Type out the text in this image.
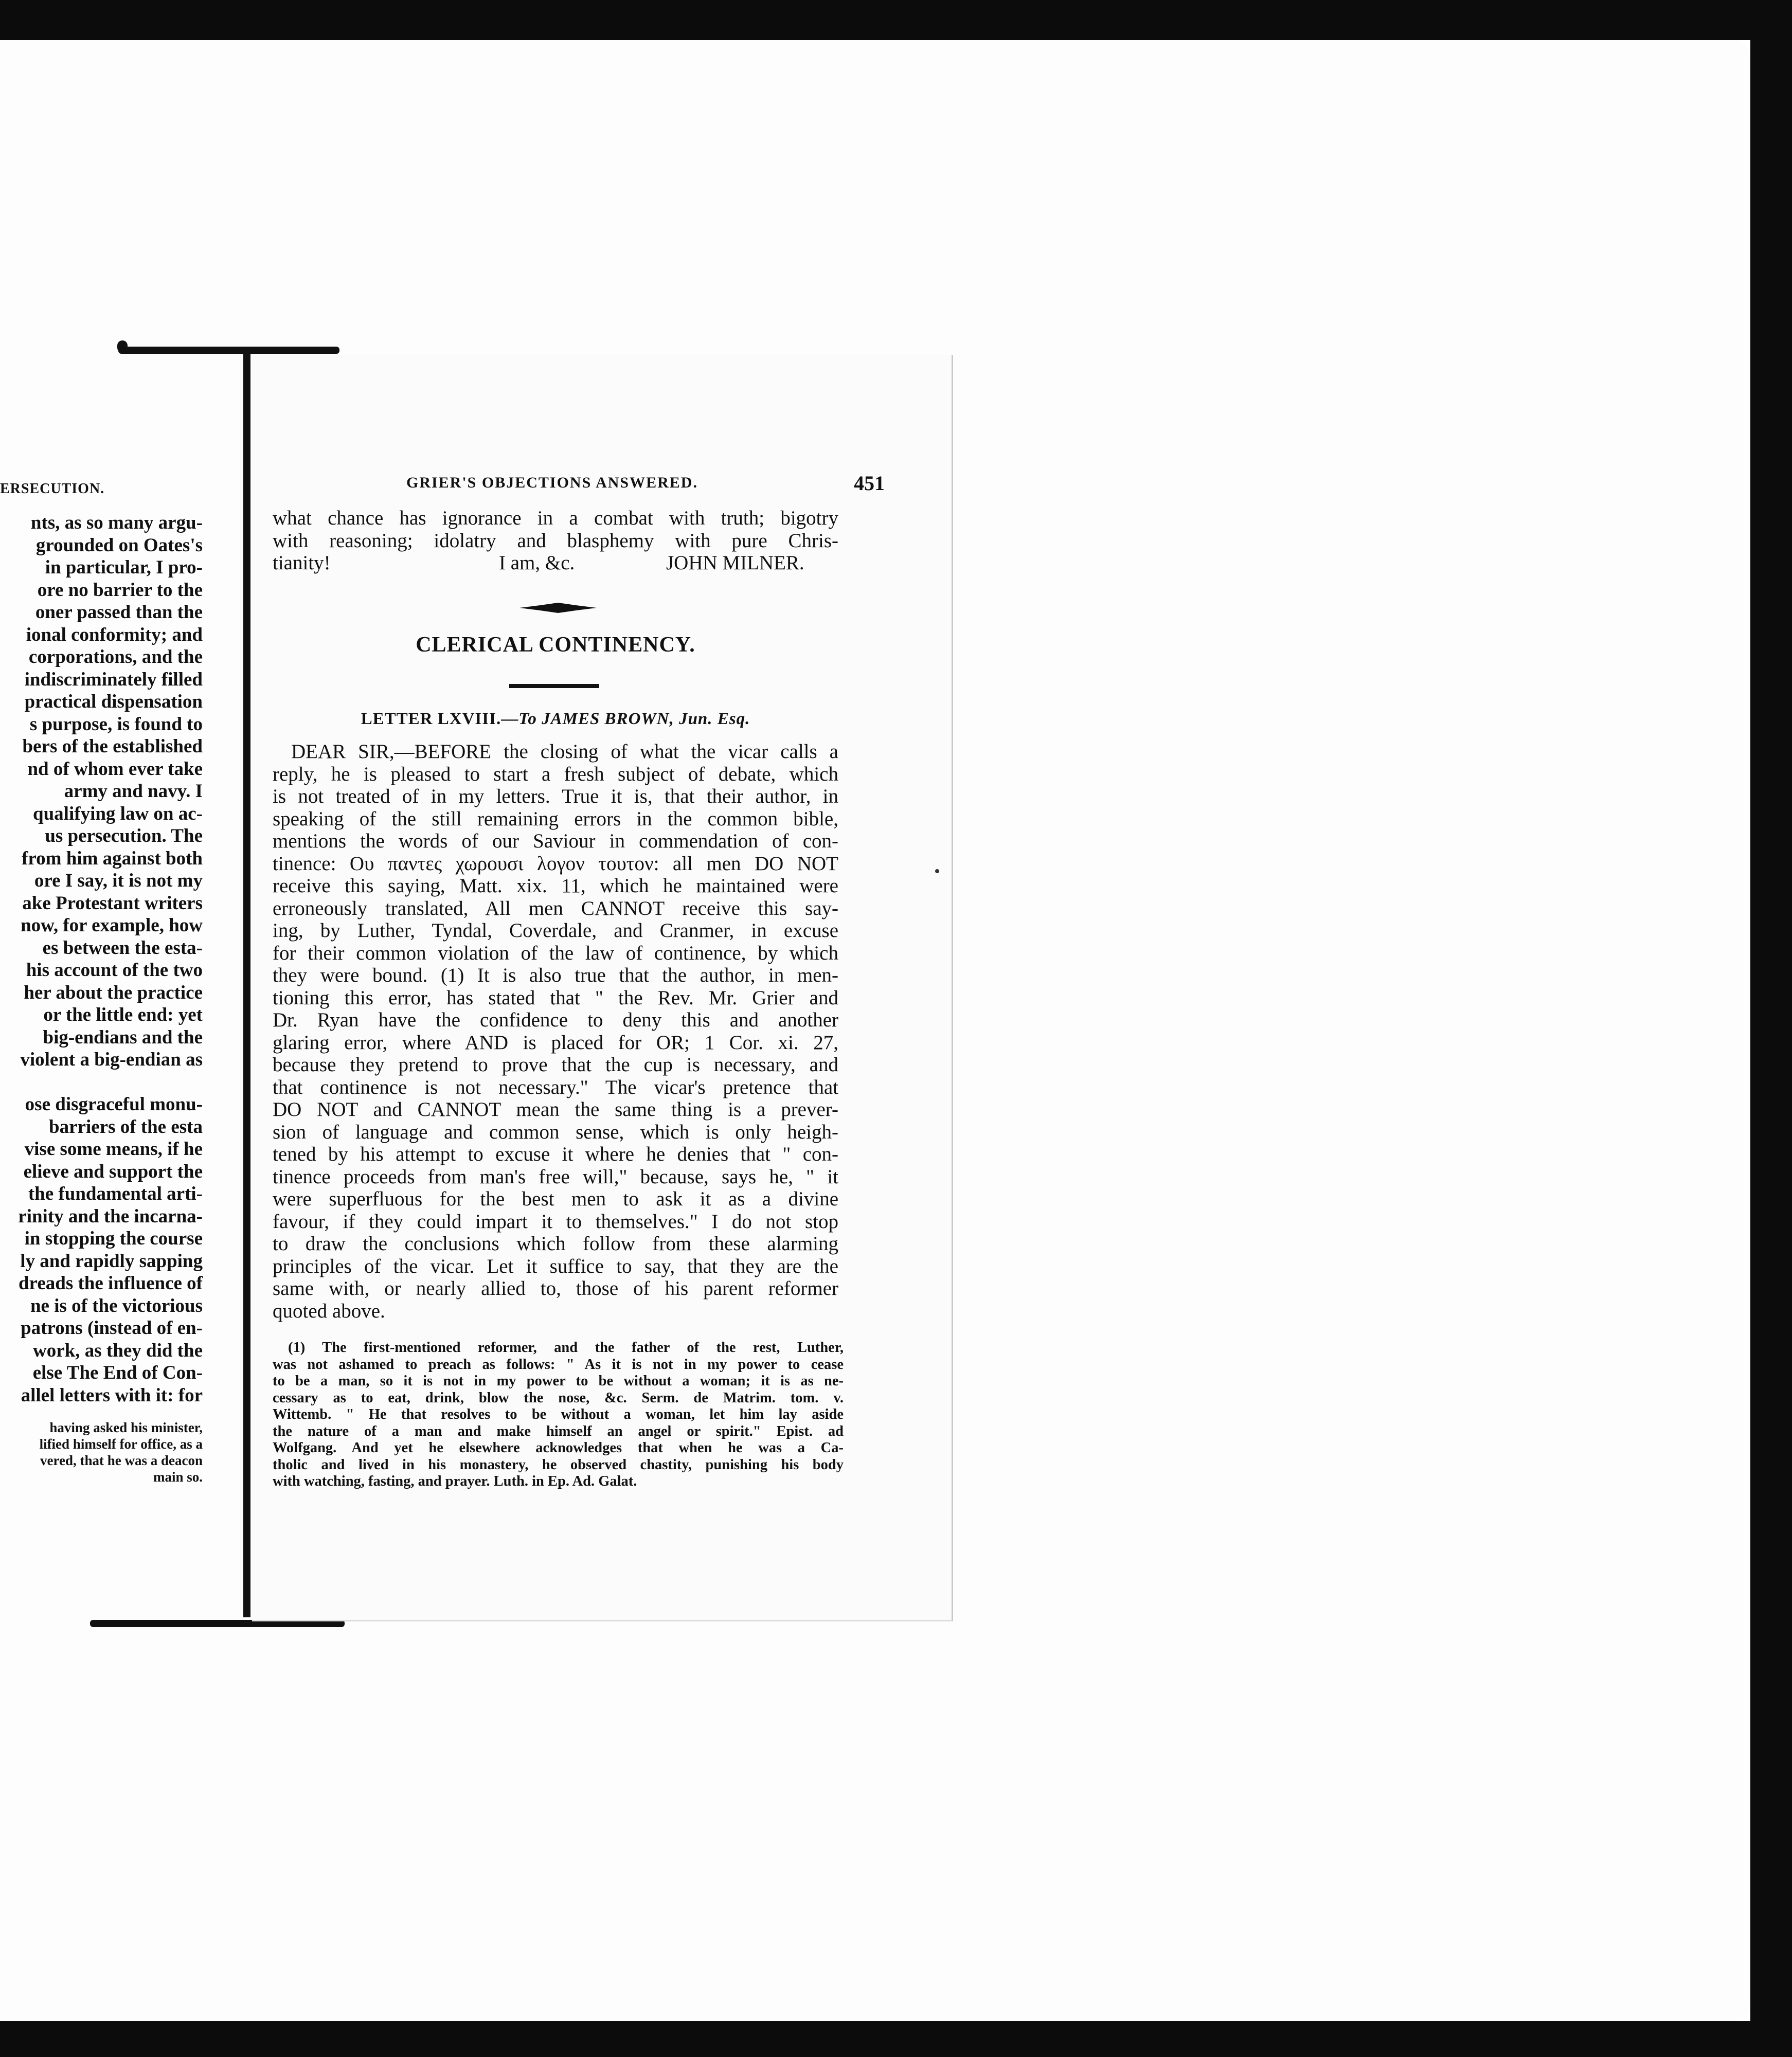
ERSECUTION.
nts, as so many argu-
grounded on Oates's
in particular, I pro-
ore no barrier to the
oner passed than the
ional conformity; and
corporations, and the
indiscriminately filled
practical dispensation
s purpose, is found to
bers of the established
nd of whom ever take
army and navy. I
qualifying law on ac-
us persecution. The
from him against both
ore I say, it is not my
ake Protestant writers
now, for example, how
es between the esta-
his account of the two
her about the practice
or the little end: yet
big-endians and the
violent a big-endian as
ose disgraceful monu-
barriers of the esta
vise some means, if he
elieve and support the
the fundamental arti-
rinity and the incarna-
in stopping the course
ly and rapidly sapping
dreads the influence of
ne is of the victorious
patrons (instead of en-
work, as they did the
else The End of Con-
allel letters with it: for
having asked his minister,
lified himself for office, as a
vered, that he was a deacon
main so.
GRIER'S OBJECTIONS ANSWERED.	451
what chance has ignorance in a combat with truth; bigotry
with reasoning; idolatry and blasphemy with pure Chris-
tianity!	I am, &c.	JOHN MILNER.
CLERICAL CONTINENCY.
LETTER LXVIII.—To JAMES BROWN, Jun. Esq.
DEAR SIR,—BEFORE the closing of what the vicar calls a
reply, he is pleased to start a fresh subject of debate, which
is not treated of in my letters. True it is, that their author, in
speaking of the still remaining errors in the common bible,
mentions the words of our Saviour in commendation of con-
tinence: Ου παντες χωρουσι λογον τουτον: all men DO NOT
receive this saying, Matt. xix. 11, which he maintained were
erroneously translated, All men CANNOT receive this say-
ing, by Luther, Tyndal, Coverdale, and Cranmer, in excuse
for their common violation of the law of continence, by which
they were bound. (1) It is also true that the author, in men-
tioning this error, has stated that " the Rev. Mr. Grier and
Dr. Ryan have the confidence to deny this and another
glaring error, where AND is placed for OR; 1 Cor. xi. 27,
because they pretend to prove that the cup is necessary, and
that continence is not necessary." The vicar's pretence that
DO NOT and CANNOT mean the same thing is a prever-
sion of language and common sense, which is only heigh-
tened by his attempt to excuse it where he denies that " con-
tinence proceeds from man's free will," because, says he, " it
were superfluous for the best men to ask it as a divine
favour, if they could impart it to themselves." I do not stop
to draw the conclusions which follow from these alarming
principles of the vicar. Let it suffice to say, that they are the
same with, or nearly allied to, those of his parent reformer
quoted above.
(1) The first-mentioned reformer, and the father of the rest, Luther,
was not ashamed to preach as follows: " As it is not in my power to cease
to be a man, so it is not in my power to be without a woman; it is as ne-
cessary as to eat, drink, blow the nose, &c. Serm. de Matrim. tom. v.
Wittemb. " He that resolves to be without a woman, let him lay aside
the nature of a man and make himself an angel or spirit." Epist. ad
Wolfgang. And yet he elsewhere acknowledges that when he was a Ca-
tholic and lived in his monastery, he observed chastity, punishing his body
with watching, fasting, and prayer. Luth. in Ep. Ad. Galat.
